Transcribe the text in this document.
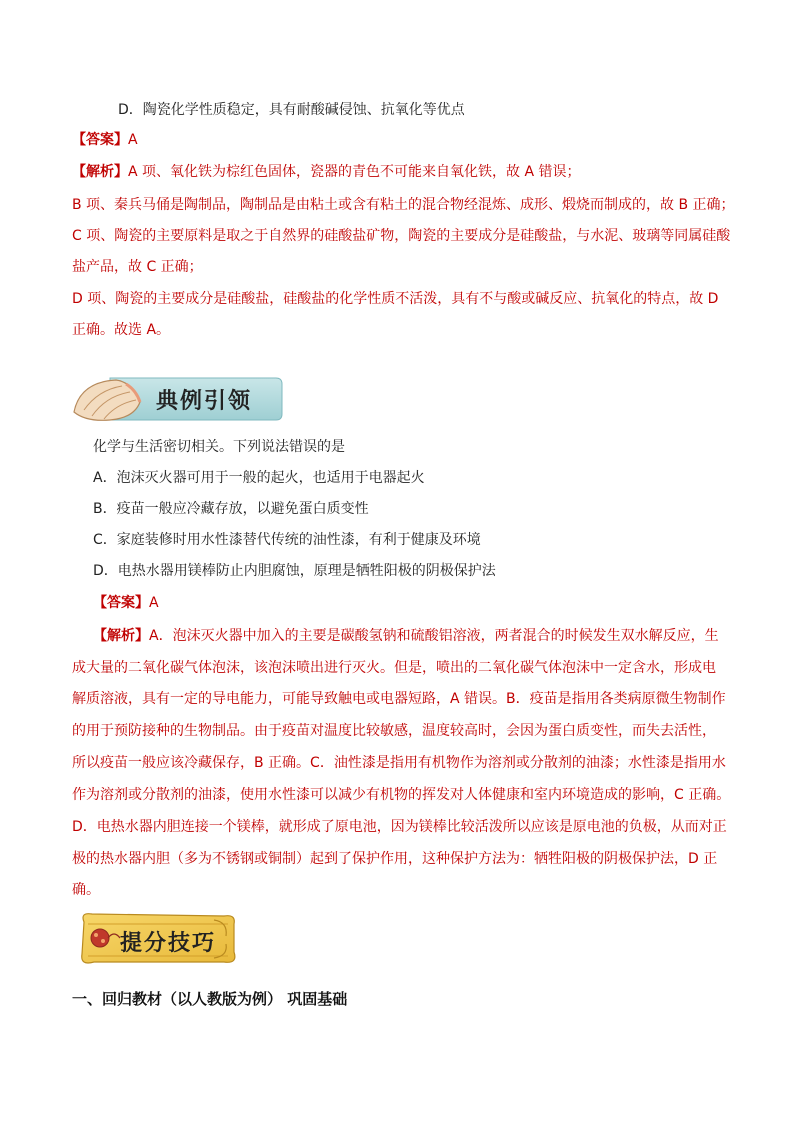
D．陶瓷化学性质稳定，具有耐酸碱侵蚀、抗氧化等优点
【答案】A
【解析】A 项、氧化铁为棕红色固体，瓷器的青色不可能来自氧化铁，故 A 错误；
B 项、秦兵马俑是陶制品，陶制品是由粘土或含有粘土的混合物经混炼、成形、煅烧而制成的，故 B 正确；
C 项、陶瓷的主要原料是取之于自然界的硅酸盐矿物，陶瓷的主要成分是硅酸盐，与水泥、玻璃等同属硅酸
盐产品，故 C 正确；
D 项、陶瓷的主要成分是硅酸盐，硅酸盐的化学性质不活泼，具有不与酸或碱反应、抗氧化的特点，故 D
正确。故选 A。
典例引领
化学与生活密切相关。下列说法错误的是
A．泡沫灭火器可用于一般的起火，也适用于电器起火
B．疫苗一般应冷藏存放，以避免蛋白质变性
C．家庭装修时用水性漆替代传统的油性漆，有利于健康及环境
D．电热水器用镁棒防止内胆腐蚀，原理是牺牲阳极的阴极保护法
【答案】A
【解析】A．泡沫灭火器中加入的主要是碳酸氢钠和硫酸铝溶液，两者混合的时候发生双水解反应，生
成大量的二氧化碳气体泡沫，该泡沫喷出进行灭火。但是，喷出的二氧化碳气体泡沫中一定含水，形成电
解质溶液，具有一定的导电能力，可能导致触电或电器短路，A 错误。B．疫苗是指用各类病原微生物制作
的用于预防接种的生物制品。由于疫苗对温度比较敏感，温度较高时，会因为蛋白质变性，而失去活性，
所以疫苗一般应该冷藏保存，B 正确。C．油性漆是指用有机物作为溶剂或分散剂的油漆；水性漆是指用水
作为溶剂或分散剂的油漆，使用水性漆可以减少有机物的挥发对人体健康和室内环境造成的影响，C 正确。
D．电热水器内胆连接一个镁棒，就形成了原电池，因为镁棒比较活泼所以应该是原电池的负极，从而对正
极的热水器内胆（多为不锈钢或铜制）起到了保护作用，这种保护方法为：牺牲阳极的阴极保护法，D 正
确。
提分技巧
一、回归教材（以人教版为例） 巩固基础
